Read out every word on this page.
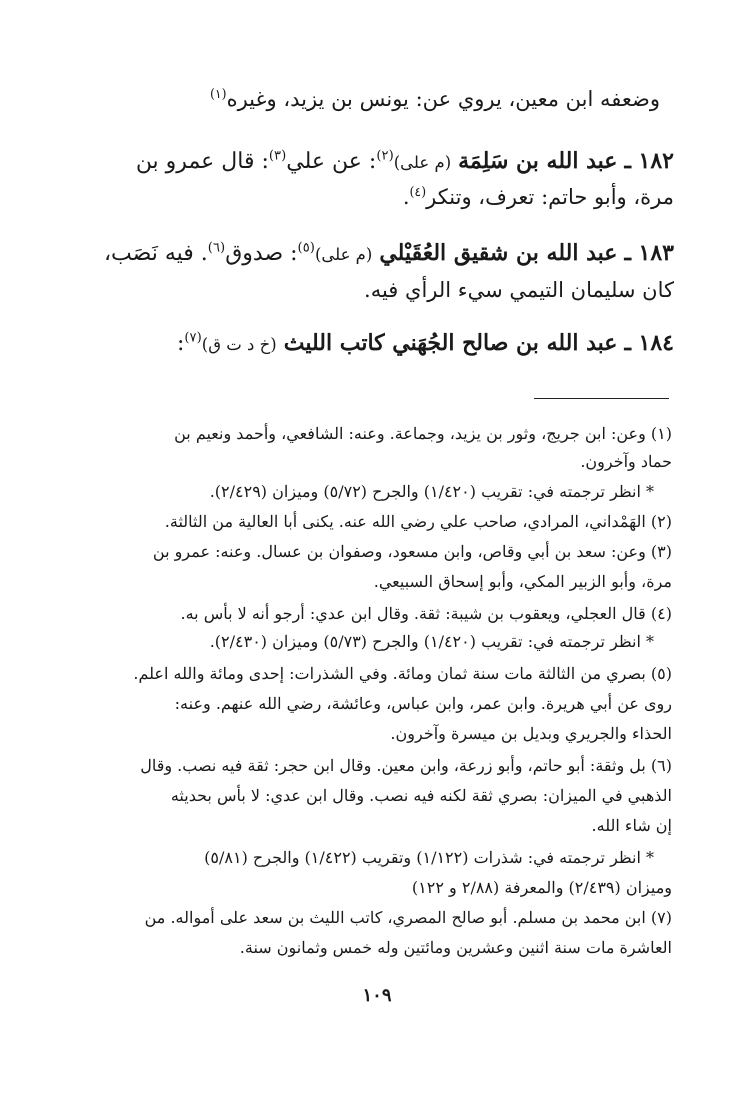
وضعفه ابن معين، يروي عن: يونس بن يزيد، وغيره$^{(١)}$
١٨٢ ـ عبد الله بن سَلِمَة (م علی)$^{(٢)}$: عن علي$^{(٣)}$: قال عمرو بن
مرة، وأبو حاتم: تعرف، وتنكر$^{(٤)}$.
١٨٣ ـ عبد الله بن شقيق العُقَيْلي (م علی)$^{(٥)}$: صدوق$^{(٦)}$. فيه نَصَب،
كان سليمان التيمي سيء الرأي فيه.
١٨٤ ـ عبد الله بن صالح الجُهَني كاتب الليث (خ د ت ق)$^{(٧)}$:
(١) وعن: ابن جريج، وثور بن يزيد، وجماعة. وعنه: الشافعي، وأحمد ونعيم بن
حماد وآخرون.
* انظر ترجمته في: تقريب (١/٤٢٠) والجرح (٥/٧٢) وميزان (٢/٤٢٩).
(٢) الهَمْداني، المرادي، صاحب علي رضي الله عنه. يكنى أبا العالية من الثالثة.
(٣) وعن: سعد بن أبي وقاص، وابن مسعود، وصفوان بن عسال. وعنه: عمرو بن
مرة، وأبو الزبير المكي، وأبو إسحاق السبيعي.
(٤) قال العجلي، ويعقوب بن شيبة: ثقة. وقال ابن عدي: أرجو أنه لا بأس به.
* انظر ترجمته في: تقريب (١/٤٢٠) والجرح (٥/٧٣) وميزان (٢/٤٣٠).
(٥) بصري من الثالثة مات سنة ثمان ومائة. وفي الشذرات: إحدى ومائة والله اعلم.
روى عن أبي هريرة. وابن عمر، وابن عباس، وعائشة، رضي الله عنهم. وعنه:
الحذاء والجريري وبديل بن ميسرة وآخرون.
(٦) بل وثقة: أبو حاتم، وأبو زرعة، وابن معين. وقال ابن حجر: ثقة فيه نصب. وقال
الذهبي في الميزان: بصري ثقة لكنه فيه نصب. وقال ابن عدي: لا بأس بحديثه
إن شاء الله.
* انظر ترجمته في: شذرات (١/١٢٢) وتقريب (١/٤٢٢) والجرح (٥/٨١)
وميزان (٢/٤٣٩) والمعرفة (٢/٨٨ و ١٢٢)
(٧) ابن محمد بن مسلم. أبو صالح المصري، كاتب الليث بن سعد على أمواله. من
العاشرة مات سنة اثنين وعشرين ومائتين وله خمس وثمانون سنة.
١٠٩
